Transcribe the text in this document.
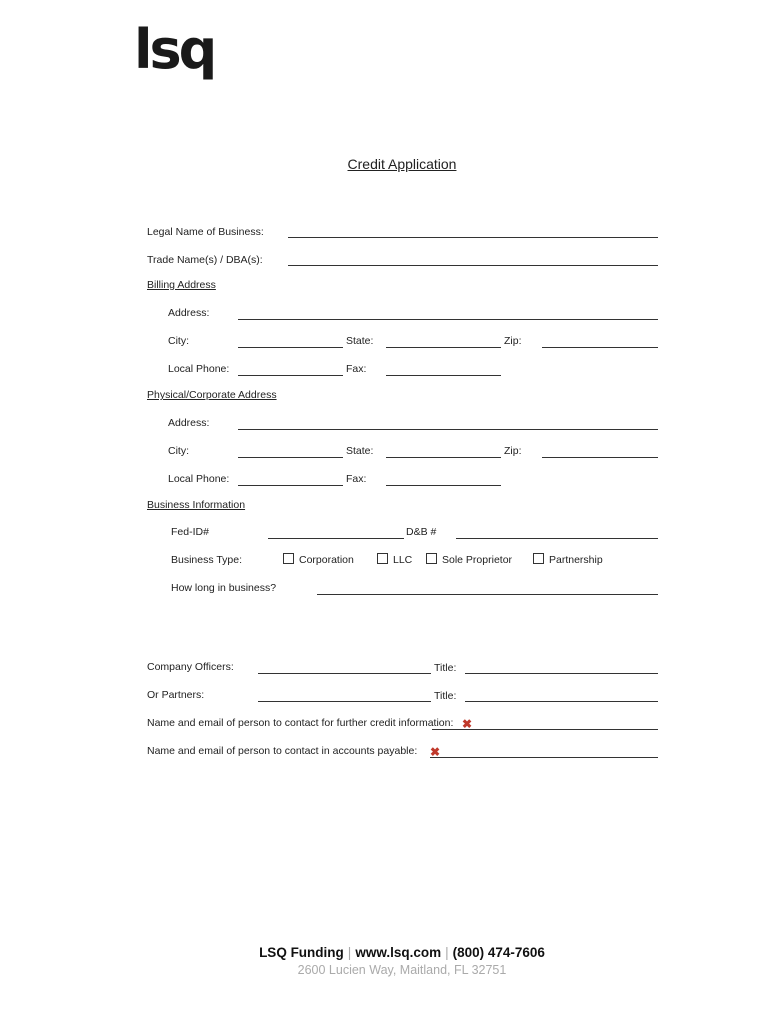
lsq
Credit Application
Legal Name of Business:
Trade Name(s) / DBA(s):
Billing Address
Address:
City:	State:	Zip:
Local Phone:	Fax:
Physical/Corporate Address
Address:
City:	State:	Zip:
Local Phone:	Fax:
Business Information
Fed-ID#	D&B #
Business Type:	Corporation	LLC	Sole Proprietor	Partnership
How long in business?
Company Officers:	Title:
Or Partners:	Title:
Name and email of person to contact for further credit information: ✖
Name and email of person to contact in accounts payable: ✖
LSQ Funding | www.lsq.com | (800) 474-7606
2600 Lucien Way, Maitland, FL 32751
